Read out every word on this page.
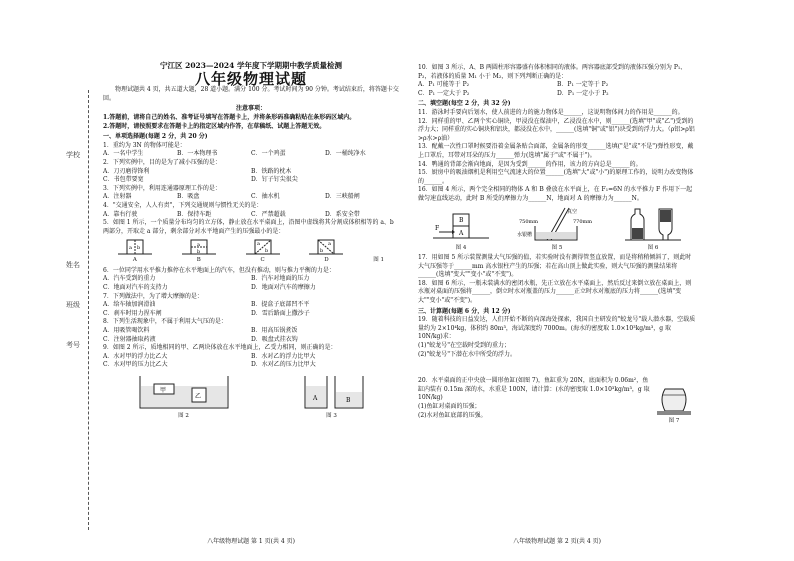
学校
姓名
班级
考号
宁江区 2023—2024 学年度下学期期中教学质量检测
八年级物理试题
物理试题共 4 页，共五道大题，28 道小题。满分 100 分。考试时间为 90 分钟。考试结束后，将答题卡交回。
注意事项：
1.答题前，请将自己的姓名、准考证号填写在答题卡上，并将条形码准确粘贴在条形码区域内。
2.答题时，请按照要求在答题卡上的指定区域内作答，在草稿纸、试题上答题无效。
一、单项选择题(每题 2 分，共 20 分)
1．重约为 3N 的物体可能是：
A．一名中学生	B．一本物理书	C．一个鸡蛋	D．一桶纯净水
2．下列实例中，目的是为了减小压强的是：
A．刀刃磨得锋利	B．铁路的枕木
C．书包带要宽	D．钉子钉尖很尖
3．下列实例中，利用连通器原理工作的是：
A．注射器	B．吸盘	C．抽水机	D．三峡船闸
4．"交通安全，人人有责"，下列交通规则与惯性无关的是：
A．靠右行驶	B．保持车距	C．严禁超载	D．系安全带
5．如图 1 所示，一个质量分布均匀的立方体，静止放在水平桌面上，沿图中虚线将其分割成体积相等的 a、b 两部分，开取走 a 部分，剩余部分对水平地面产生的压强最小的是：
a b
A
a
b
B
a
b
C
a
b
D	图 1
6．一位同学用水平推力推停在水平地面上的汽车，但没有推动，则与推力平衡的力是：
A．汽车受到的重力	B．汽车对地面的压力
C．地面对汽车的支持力	D．地面对汽车的摩擦力
7．下列做法中，为了增大摩擦的是：
A．给车轴加润滑油	B．提盒子底部凹不平
C．刹车时用力捏车闸	D．雪后路面上撒沙子
8．下列生活现象中，不属于利用大气压的是：
A．用吸管喝饮料	B．用高压锅煮饭
C．注射器抽取药液	D．吸盘式挂衣钩
9．如图 2 所示，质地相同的甲、乙两块体放在水平地面上，乙受力相同，则正确的是：
A．水对甲的浮力比乙大	B．水对乙的浮力比甲大
C．水对甲的压力比乙大	D．水对乙的压力比甲大
甲
乙
图 2
A	B
图 3
八年级物理试题 第 1 页(共 4 页)
10．如图 3 所示，A、B 两圆柱形容器盛有体积相同的液体。两容器底部受到的液体压强分别为 P₁、P₂，若液体的质量 M₁ 小于 M₂，则下列判断正确的是：
A．P₁ 可能等于 P₂	B．P₁ 一定等于 P₂
C．P₁ 一定大于 P₂	D．P₁ 一定小于 P₂
二、填空题(每空 2 分，共 32 分)
11．游泳时手要向后划水，使人前进的力的施力物体是______，这说明物体间力的作用是______的。
12．同样重的甲、乙两个实心铜块，甲浸没在煤油中，乙浸没在水中，则______(选填"甲"或"乙")受到的浮力大；同样重的实心铜块和铝块，都浸没在水中，______(选填"铜"或"铝")块受到的浮力大。（ρ铝>ρ铝>ρ水>ρ油）
13．配戴一次性口罩时候要沿着金属条贴合面部，金属条的形变______选填("是"或"不是")弹性形变，戴上口罩后，耳带对耳朵的压力______弹力(选填"属于"或"不属于")。
14．鸭通的背部会渐向地面，是因为受到______的作用，该力的方向总是______的。
15．厨房中的吸油烟机是利用空气流速大的位置______(选填"大"或"小")的原理工作的，说明力改变物体的______。
16．如图 4 所示，两个完全相同的物体 A 和 B 叠放在水平面上，在 F₁=6N 的水平推力 F 作用下一起做匀速直线运动，此时 B 所受的摩擦力为______N，地面对 A 的摩擦力为______N。
B
A
F
图 4
真空
750mm	770mm
水银槽
图 5	图 6
17．用如图 5 所示装置测量大气压强的值，若实验时没有测得管竖直放置，而是将稍稍倾斜了，则此时大气压强等于______mm 高水银柱产生的压强；若在高山顶上做此实验，则大气压强的测量结果将______(选填"变大""变小"或"不变")。
18．如图 6 所示，一瓶未装满水的密闭水瓶，先正立放在水平桌面上，然后反过来倒立放在桌面上，则水瓶对桌面的压强将______，倒立时水对瓶盖的压力______正立时水对瓶底的压力将______(选填"变大""变小"或"不变")。
三、计算题(每题 6 分，共 12 分)
19．随着科技的日益发达，人们开始不断的向深海处探索，我国自主研发的"蛟龙号"载人潜水器，空载质量约为 2×10⁴kg，体积约 80m³，海试深度约 7000m。(海水的密度取 1.0×10³kg/m³，g 取 10N/kg)求：
(1)"蛟龙号"在空载时受到的重力；
(2)"蛟龙号"下潜在水中所受的浮力。
20．水平桌面的正中央放一圆形鱼缸(如图 7)，鱼缸重为 20N，底面积为 0.06m²，鱼缸内装有 0.15m 深的水，水重是 100N，请计算：(水的密度取 1.0×10³kg/m³，g 取 10N/kg)
(1)鱼缸对桌面的压强；
(2)水对鱼缸底部的压强。
图 7
八年级物理试题 第 2 页(共 4 页)
